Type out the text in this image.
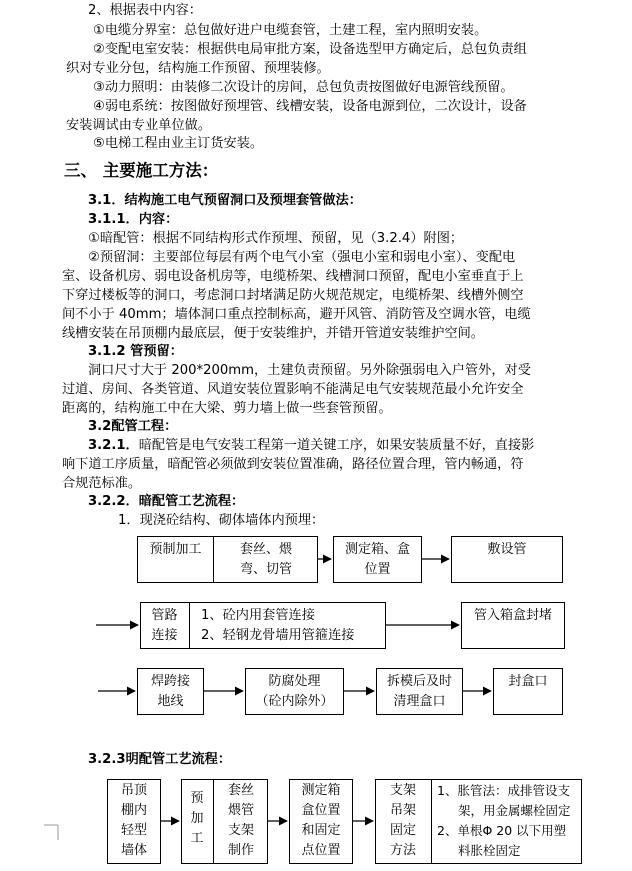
2、根据表中内容：
①电缆分界室：总包做好进户电缆套管，土建工程，室内照明安装。
②变配电室安装：根据供电局审批方案，设备选型甲方确定后，总包负责组
织对专业分包，结构施工作预留、预埋装修。
③动力照明：由装修二次设计的房间，总包负责按图做好电源管线预留。
④弱电系统：按图做好预埋管、线槽安装，设备电源到位，二次设计，设备
安装调试由专业单位做。
⑤电梯工程由业主订货安装。
三、 主要施工方法：
3.1．结构施工电气预留洞口及预埋套管做法：
3.1.1．内容：
①暗配管：根据不同结构形式作预埋、预留，见（3.2.4）附图；
②预留洞：主要部位每层有两个电气小室（强电小室和弱电小室）、变配电
室、设备机房、弱电设备机房等，电缆桥架、线槽洞口预留，配电小室垂直于上
下穿过楼板等的洞口，考虑洞口封堵满足防火规范规定，电缆桥架、线槽外侧空
间不小于 40mm；墙体洞口重点控制标高，避开风管、消防管及空调水管，电缆
线槽安装在吊顶棚内最底层，便于安装维护，并错开管道安装维护空间。
3.1.2 管预留：
洞口尺寸大于 200*200mm，土建负责预留。另外除强弱电入户管外，对受
过道、房间、各类管道、风道安装位置影响不能满足电气安装规范最小允许安全
距离的，结构施工中在大梁、剪力墙上做一些套管预留。
3.2配管工程：
3.2.1．暗配管是电气安装工程第一道关键工序，如果安装质量不好，直接影
响下道工序质量，暗配管必须做到安装位置准确，路径位置合理，管内畅通，符
合规范标准。
3.2.2．暗配管工艺流程：
1．现浇砼结构、砌体墙体内预埋：
预制加工	套丝、煨
弯、切管
测定箱、盒
位置
敷设管
管路
连接
1、砼内用套管连接
2、轻钢龙骨墙用管箍连接
管入箱盒封堵
焊跨接
地线
防腐处理
（砼内除外）
拆模后及时
清理盒口
封盒口
3.2.3明配管工艺流程：
吊顶
棚内
轻型
墙体
预
加
工
套丝
煨管
支架
制作
测定箱
盒位置
和固定
点位置
支架
吊架
固定
方法
1、胀管法：成排管设支
架，用金属螺栓固定
2、单根Φ 20 以下用塑
料胀栓固定
